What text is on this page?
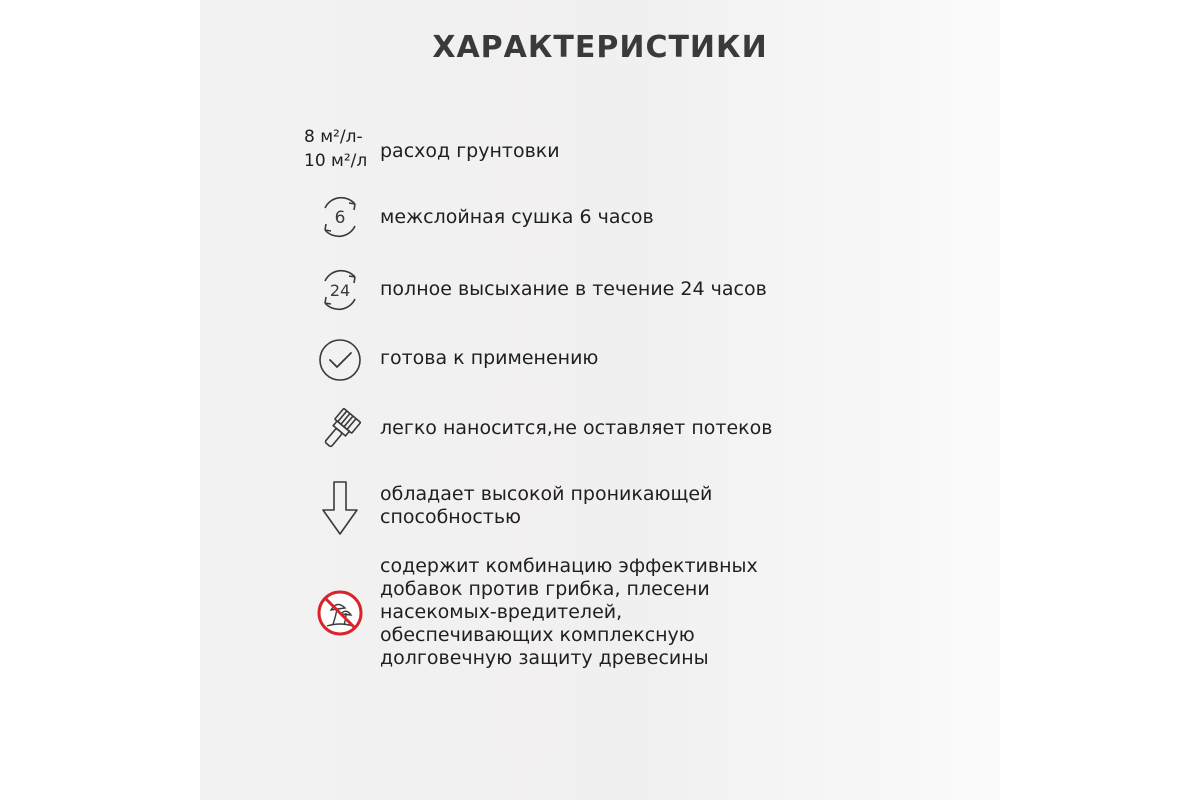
ХАРАКТЕРИСТИКИ
8 м²/л-
10 м²/л расход грунтовки
6 межслойная сушка 6 часов
24 полное высыхание в течение 24 часов
готова к применению
легко наносится,не оставляет потеков
обладает высокой проникающей
способностью
содержит комбинацию эффективных
добавок против грибка, плесени
насекомых-вредителей,
обеспечивающих комплексную
долговечную защиту древесины
